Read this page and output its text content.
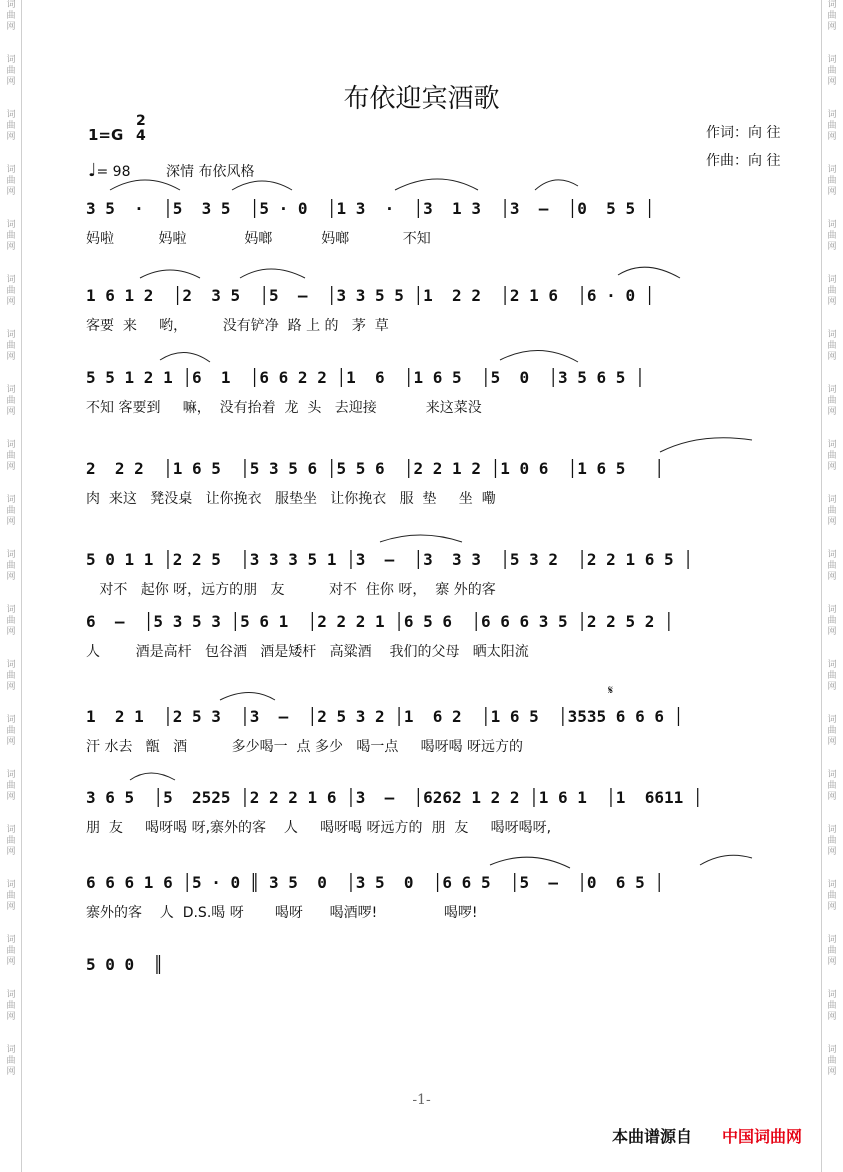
词
曲
网
词
曲
网
词
曲
网
词
曲
网
词
曲
网
词
曲
网
词
曲
网
词
曲
网
词
曲
网
词
曲
网
词
曲
网
词
曲
网
词
曲
网
词
曲
网
词
曲
网
词
曲
网
词
曲
网
词
曲
网
词
曲
网
词
曲
网
词
曲
网
词
曲
网
词
曲
网
词
曲
网
词
曲
网
词
曲
网
词
曲
网
词
曲
网
词
曲
网
词
曲
网
词
曲
网
词
曲
网
词
曲
网
词
曲
网
词
曲
网
词
曲
网
词
曲
网
词
曲
网
词
曲
网
词
曲
网
布依迎宾酒歌
1=G
2
4
♩= 98	深情 布依风格
作词：向 往
作曲：向 往
3 5  ·  │5  3 5  │5 · 0  │1 3  ·  │3  1 3  │3  –  │0  5 5 │
妈啦          妈啦             妈啷           妈啷            不知
1 6 1 2  │2  3 5  │5  –  │3 3 5 5 │1  2 2  │2 1 6  │6 · 0 │
客要  来     哟，        没有铲净  路 上 的   茅  草
5 5 1 2 1 │6  1  │6 6 2 2 │1  6  │1 6 5  │5  0  │3 5 6 5 │
不知 客要到     嘛，  没有抬着  龙  头   去迎接           来这菜没
2  2 2  │1 6 5  │5 3 5 6 │5 5 6  │2 2 1 2 │1 0 6  │1 6 5   │
肉  来这   凳没桌   让你挽衣   服垫坐   让你挽衣   服  垫     坐  嘞
5 0 1 1 │2 2 5  │3 3 3 5 1 │3  –  │3  3 3  │5 3 2  │2 2 1 6 5 │
对不   起你 呀，远方的朋   友          对不  住你 呀，  寨 外的客
6  –  │5 3 5 3 │5 6 1  │2 2 2 1 │6 5 6  │6 6 6 3 5 │2 2 5 2 │
人        酒是高杆   包谷酒   酒是矮杆   高粱酒    我们的父母   晒太阳流
𝄋
1  2 1  │2 5 3  │3  –  │2 5 3 2 │1  6 2  │1 6 5  │3535 6 6 6 │
汗 水去   甑   酒          多少喝一  点 多少   喝一点     喝呀喝 呀远方的
3 6 5  │5  2525 │2 2 2 1 6 │3  –  │6262 1 2 2 │1 6 1  │1  6611 │
朋  友     喝呀喝 呀,寨外的客    人     喝呀喝 呀远方的  朋  友     喝呀喝呀,
6 6 6 1 6 │5 · 0 ║ 3 5  0  │3 5  0  │6 6 5  │5  –  │0  6 5 │
寨外的客    人  D.S.喝 呀       喝呀      喝酒啰!               喝啰!
5 0 0  ║
-1-
本曲谱源自 中国词曲网
